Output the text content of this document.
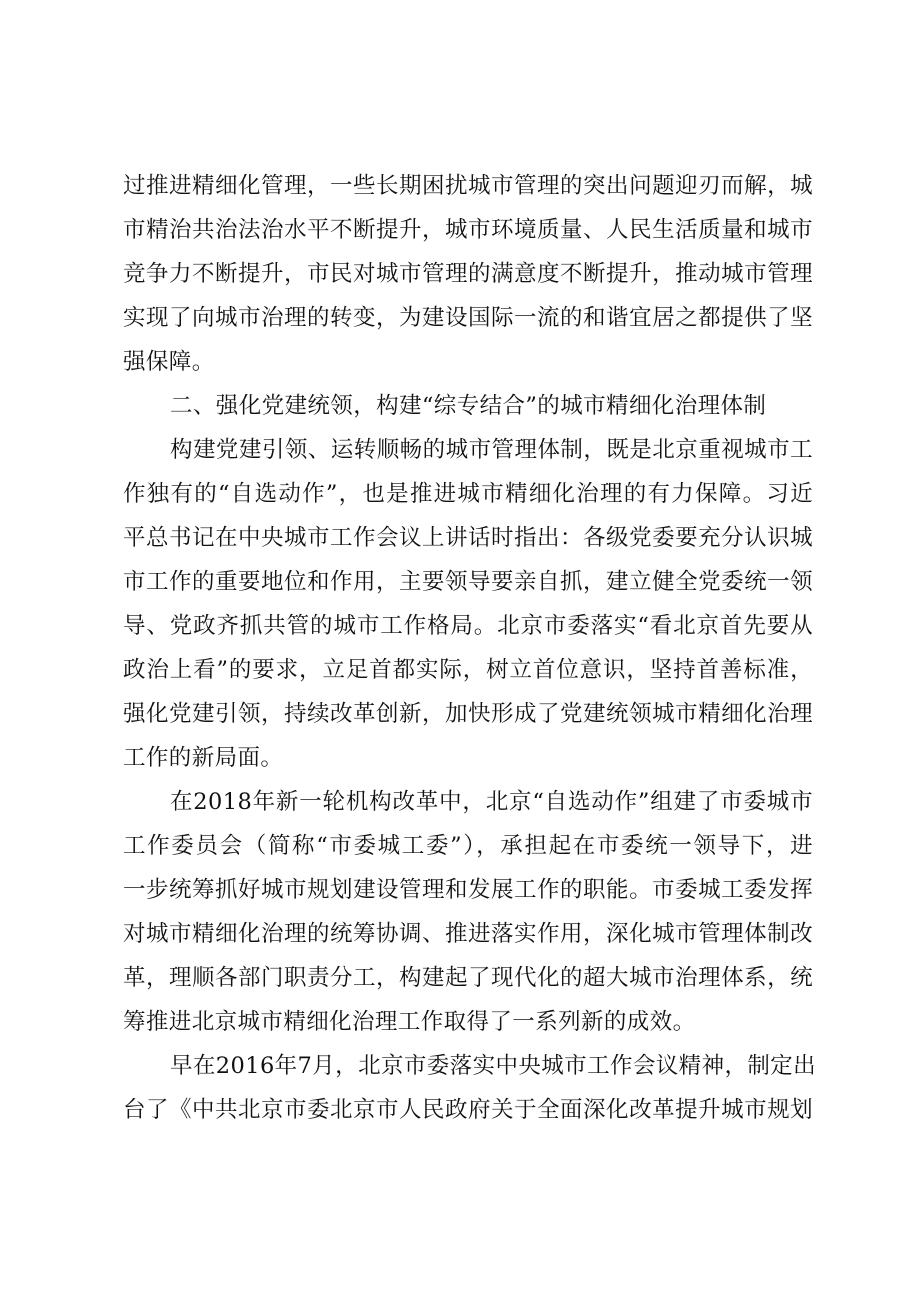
过推进精细化管理，一些长期困扰城市管理的突出问题迎刃而解，城
市精治共治法治水平不断提升，城市环境质量、人民生活质量和城市
竞争力不断提升，市民对城市管理的满意度不断提升，推动城市管理
实现了向城市治理的转变，为建设国际一流的和谐宜居之都提供了坚
强保障。
二、强化党建统领，构建“综专结合”的城市精细化治理体制
构建党建引领、运转顺畅的城市管理体制，既是北京重视城市工
作独有的“自选动作”，也是推进城市精细化治理的有力保障。习近
平总书记在中央城市工作会议上讲话时指出：各级党委要充分认识城
市工作的重要地位和作用，主要领导要亲自抓，建立健全党委统一领
导、党政齐抓共管的城市工作格局。北京市委落实“看北京首先要从
政治上看”的要求，立足首都实际，树立首位意识，坚持首善标准，
强化党建引领，持续改革创新，加快形成了党建统领城市精细化治理
工作的新局面。
在2018年新一轮机构改革中，北京“自选动作”组建了市委城市
工作委员会（简称“市委城工委”），承担起在市委统一领导下，进
一步统筹抓好城市规划建设管理和发展工作的职能。市委城工委发挥
对城市精细化治理的统筹协调、推进落实作用，深化城市管理体制改
革，理顺各部门职责分工，构建起了现代化的超大城市治理体系，统
筹推进北京城市精细化治理工作取得了一系列新的成效。
早在2016年7月，北京市委落实中央城市工作会议精神，制定出
台了《中共北京市委北京市人民政府关于全面深化改革提升城市规划
